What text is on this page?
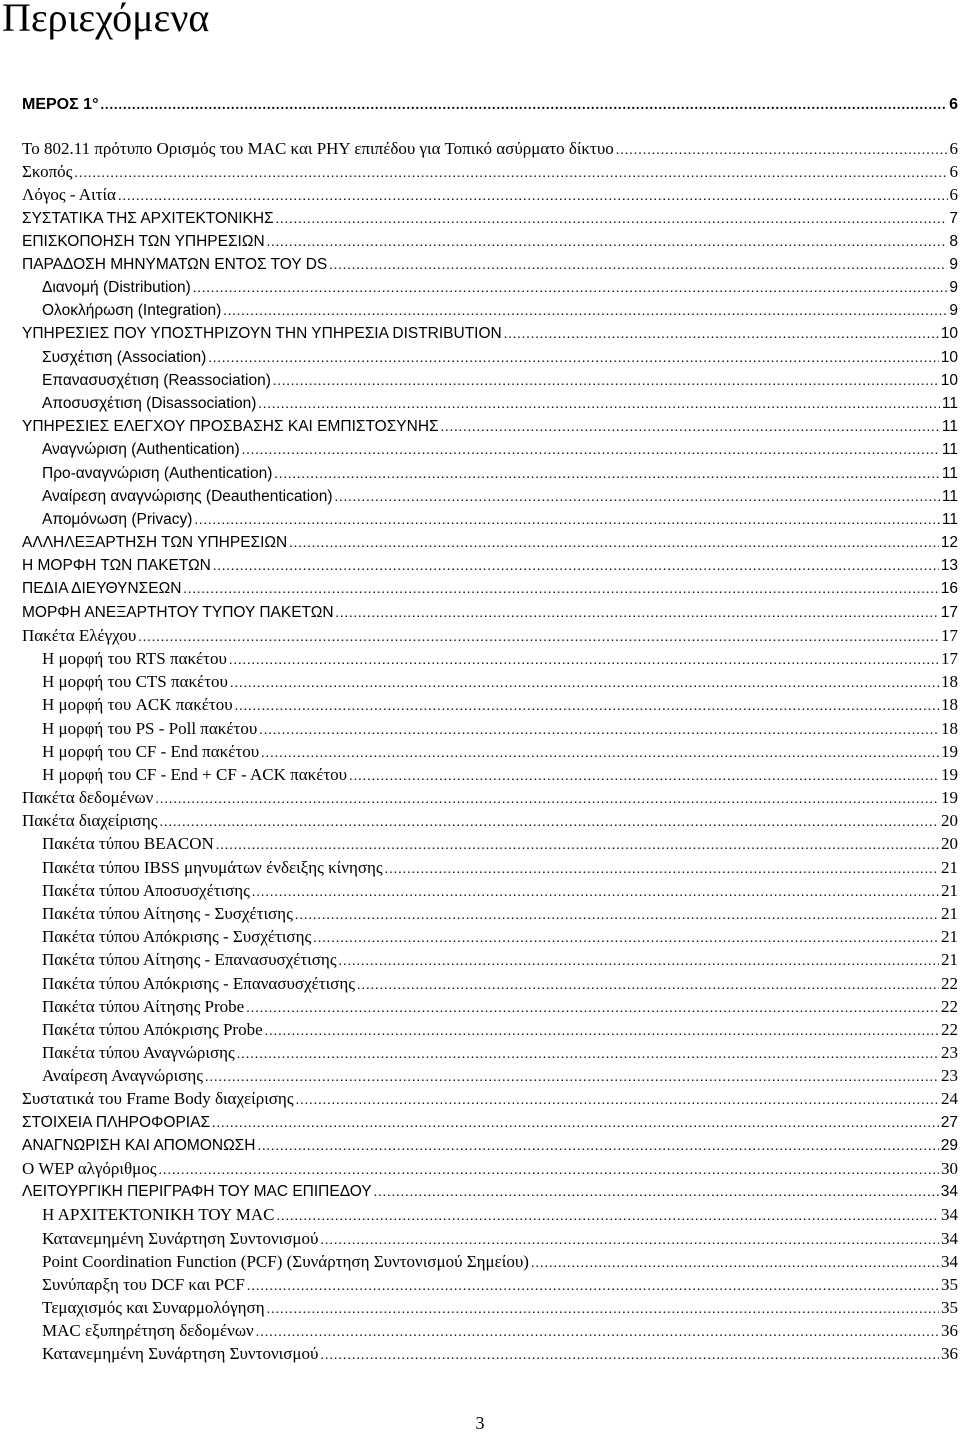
Περιεχόμενα
ΜΕΡΟΣ 1° .....	6
Το 802.11 πρότυπο Ορισμός του MAC και PHY επιπέδου για Τοπικό ασύρματο δίκτυο .....	6
Σκοπός .....	6
Λόγος - Αιτία .....	6
ΣΥΣΤΑΤΙΚΑ ΤΗΣ ΑΡΧΙΤΕΚΤΟΝΙΚΗΣ .....	7
ΕΠΙΣΚΟΠΟΗΣΗ ΤΩΝ ΥΠΗΡΕΣΙΩΝ .....	8
ΠΑΡΑΔΟΣΗ ΜΗΝΥΜΑΤΩΝ ΕΝΤΟΣ ΤΟΥ DS .....	9
Διανομή (Distribution) .....	9
Ολοκλήρωση (Integration) .....	9
ΥΠΗΡΕΣΙΕΣ ΠΟΥ ΥΠΟΣΤΗΡΙΖΟΥΝ ΤΗΝ ΥΠΗΡΕΣΙΑ DISTRIBUTION .....	10
Συσχέτιση (Association) .....	10
Επανασυσχέτιση (Reassociation) .....	10
Αποσυσχέτιση (Disassociation) .....	11
ΥΠΗΡΕΣΙΕΣ ΕΛΕΓΧΟΥ ΠΡΟΣΒΑΣΗΣ ΚΑΙ ΕΜΠΙΣΤΟΣΥΝΗΣ .....	11
Αναγνώριση (Authentication) .....	11
Προ-αναγνώριση (Authentication) .....	11
Αναίρεση αναγνώρισης (Deauthentication) .....	11
Απομόνωση (Privacy) .....	11
ΑΛΛΗΛΕΞΑΡΤΗΣΗ ΤΩΝ ΥΠΗΡΕΣΙΩΝ .....	12
Η ΜΟΡΦΗ ΤΩΝ ΠΑΚΕΤΩΝ .....	13
ΠΕΔΙΑ ΔΙΕΥΘΥΝΣΕΩΝ .....	16
ΜΟΡΦΗ ΑΝΕΞΑΡΤΗΤΟΥ ΤΥΠΟΥ ΠΑΚΕΤΩΝ .....	17
Πακέτα Ελέγχου .....	17
Η μορφή του RTS πακέτου .....	17
Η μορφή του CTS πακέτου .....	18
Η μορφή του ACK πακέτου .....	18
Η μορφή του PS - Poll πακέτου .....	18
Η μορφή του CF - End πακέτου .....	19
Η μορφή του CF - End + CF - ACK πακέτου .....	19
Πακέτα δεδομένων .....	19
Πακέτα διαχείρισης .....	20
Πακέτα τύπου BEACON .....	20
Πακέτα τύπου IBSS μηνυμάτων ένδειξης κίνησης .....	21
Πακέτα τύπου Αποσυσχέτισης .....	21
Πακέτα τύπου Αίτησης - Συσχέτισης .....	21
Πακέτα τύπου Απόκρισης - Συσχέτισης .....	21
Πακέτα τύπου Αίτησης - Επανασυσχέτισης .....	21
Πακέτα τύπου Απόκρισης - Επανασυσχέτισης .....	22
Πακέτα τύπου Αίτησης Probe .....	22
Πακέτα τύπου Απόκρισης Probe .....	22
Πακέτα τύπου Αναγνώρισης .....	23
Αναίρεση Αναγνώρισης .....	23
Συστατικά του Frame Body διαχείρισης .....	24
ΣΤΟΙΧΕΙΑ ΠΛΗΡΟΦΟΡΙΑΣ .....	27
ΑΝΑΓΝΩΡΙΣΗ ΚΑΙ ΑΠΟΜΟΝΩΣΗ .....	29
O WEP αλγόριθμος .....	30
ΛΕΙΤΟΥΡΓΙΚΗ ΠΕΡΙΓΡΑΦΗ ΤΟΥ MAC ΕΠΙΠΕΔΟΥ .....	34
Η ΑΡΧΙΤΕΚΤΟΝΙΚΗ ΤΟΥ MAC .....	34
Κατανεμημένη Συνάρτηση Συντονισμού .....	34
Point Coordination Function (PCF) (Συνάρτηση Συντονισμού Σημείου) .....	34
Συνύπαρξη του DCF και PCF .....	35
Τεμαχισμός και Συναρμολόγηση .....	35
MAC εξυπηρέτηση δεδομένων .....	36
Κατανεμημένη Συνάρτηση Συντονισμού .....	36
3
